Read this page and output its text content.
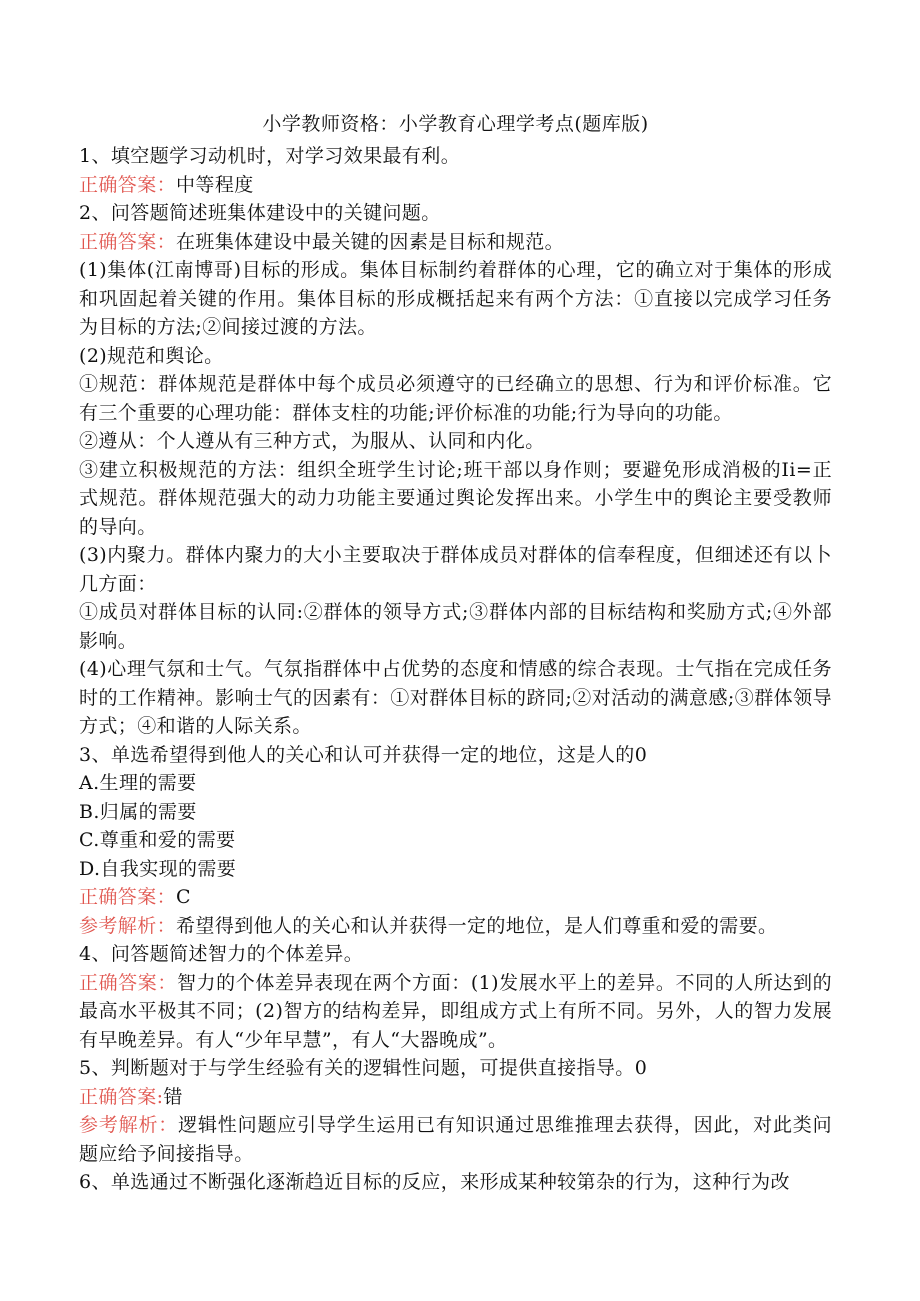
小学教师资格：小学教育心理学考点(题库版)

1、填空题学习动机时，对学习效果最有利。

正确答案：中等程度

2、问答题简述班集体建设中的关键问题。

正确答案：在班集体建设中最关键的因素是目标和规范。

(1)集体(江南博哥)目标的形成。集体目标制约着群体的心理，它的确立对于集体的形成和巩固起着关键的作用。集体目标的形成概括起来有两个方法：①直接以完成学习任务为目标的方法;②间接过渡的方法。

(2)规范和舆论。

①规范：群体规范是群体中每个成员必须遵守的已经确立的思想、行为和评价标准。它有三个重要的心理功能：群体支柱的功能;评价标准的功能;行为导向的功能。

②遵从：个人遵从有三种方式，为服从、认同和内化。

③建立积极规范的方法：组织全班学生讨论;班干部以身作则；要避免形成消极的Ii=正式规范。群体规范强大的动力功能主要通过舆论发挥出来。小学生中的舆论主要受教师的导向。

(3)内聚力。群体内聚力的大小主要取决于群体成员对群体的信奉程度，但细述还有以卜几方面：

①成员对群体目标的认同:②群体的领导方式;③群体内部的目标结构和奖励方式;④外部影响。

(4)心理气氛和士气。气氛指群体中占优势的态度和情感的综合表现。士气指在完成任务时的工作精神。影响士气的因素有：①对群体目标的跻同;②对活动的满意感;③群体领导方式；④和谐的人际关系。

3、单选希望得到他人的关心和认可并获得一定的地位，这是人的0

A.生理的需要

B.归属的需要

C.尊重和爱的需要

D.自我实现的需要

正确答案：C

参考解析：希望得到他人的关心和认并获得一定的地位，是人们尊重和爱的需要。

4、问答题简述智力的个体差异。

正确答案：智力的个体差异表现在两个方面：(1)发展水平上的差异。不同的人所达到的最高水平极其不同；(2)智方的结构差异，即组成方式上有所不同。另外，人的智力发展有早晚差异。有人“少年早慧”，有人“大器晚成”。

5、判断题对于与学生经验有关的逻辑性问题，可提供直接指导。0

正确答案:错

参考解析：逻辑性问题应引导学生运用已有知识通过思维推理去获得，因此，对此类问题应给予间接指导。

6、单选通过不断强化逐渐趋近目标的反应，来形成某种较第杂的行为，这种行为改
